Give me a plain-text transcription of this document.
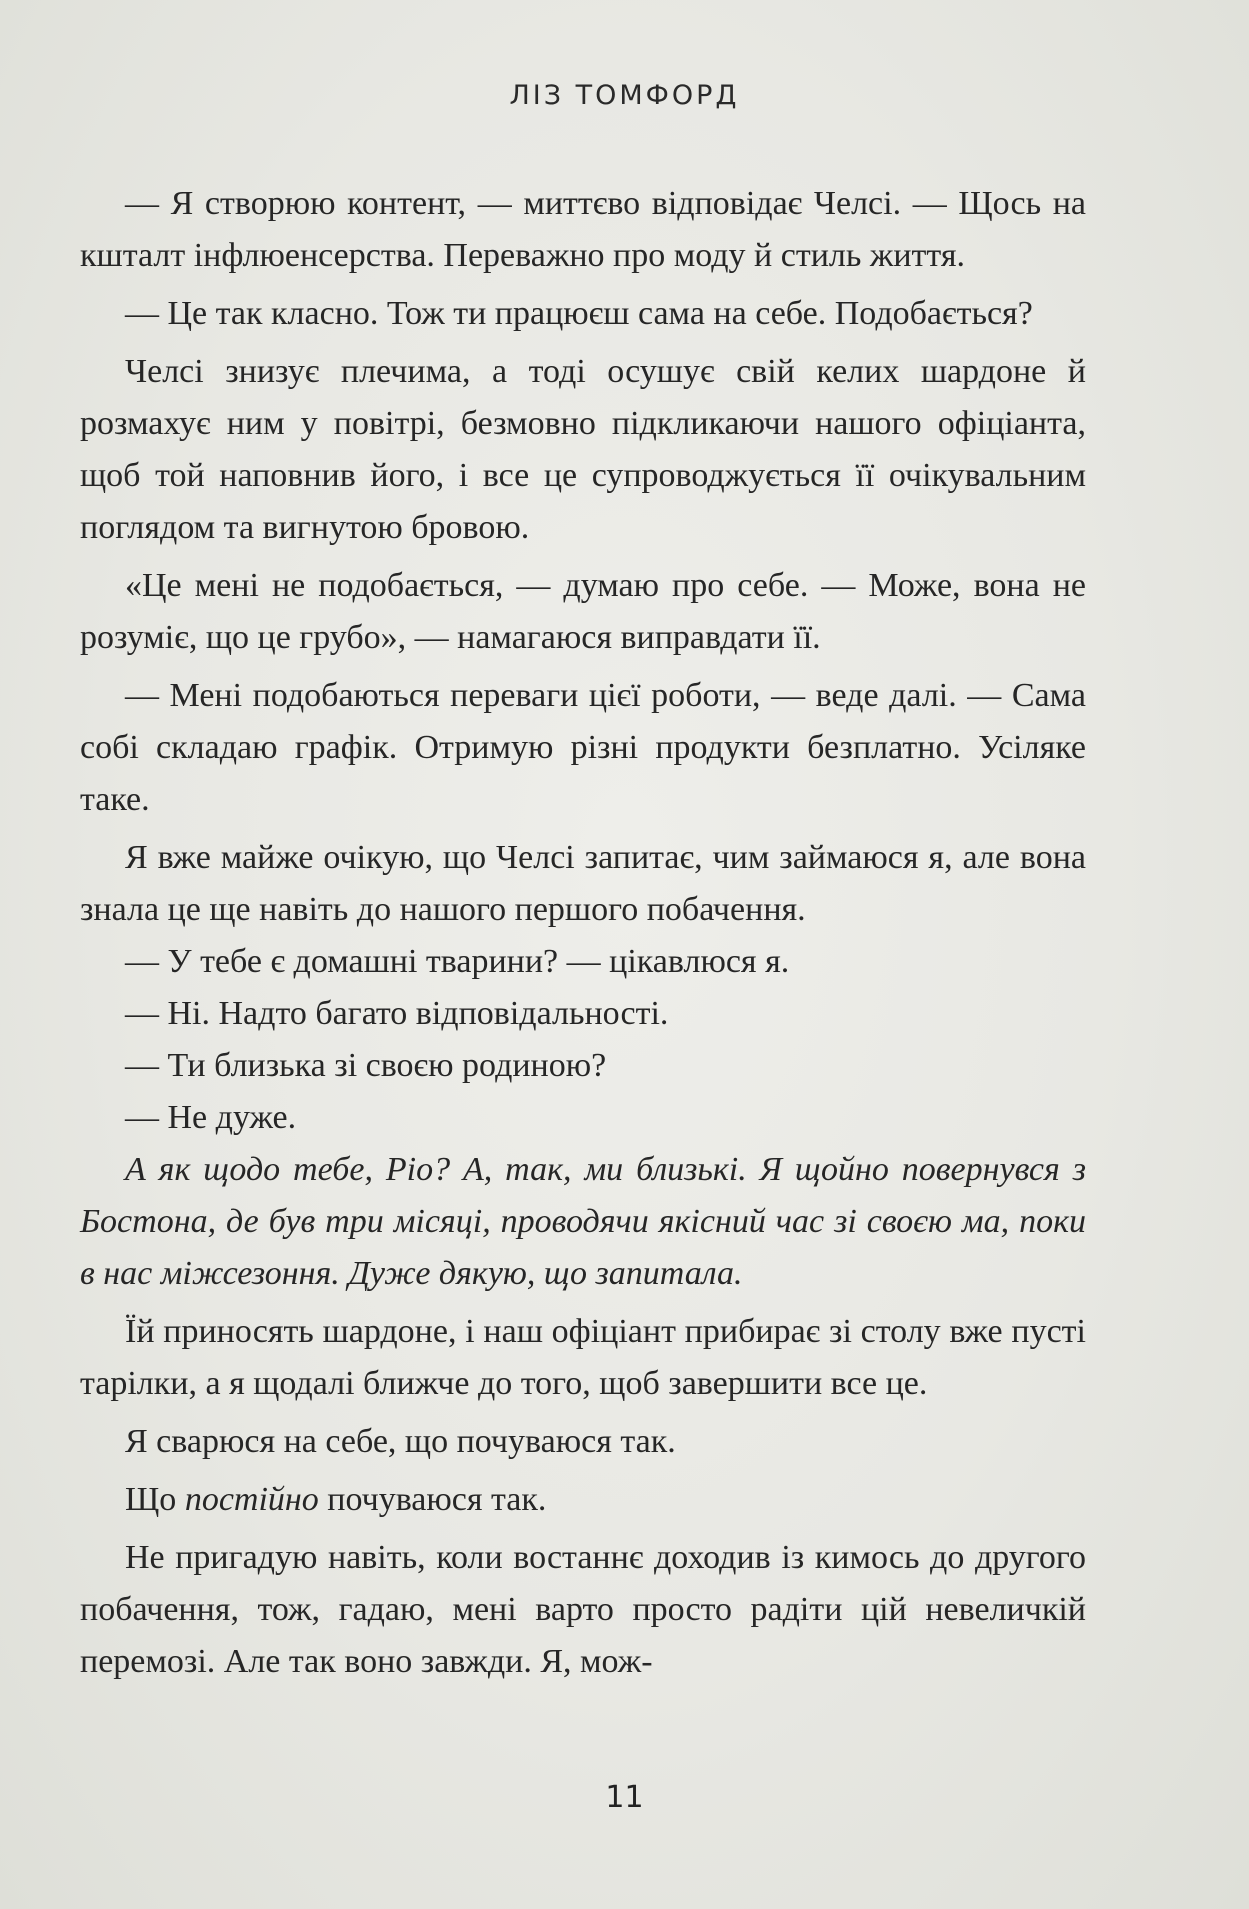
ЛІЗ ТОМФОРД

— Я створюю контент, — миттєво відповідає Челсі. — Щось на кшталт інфлюенсерства. Переважно про моду й стиль життя.

— Це так класно. Тож ти працюєш сама на себе. Подобається?

Челсі знизує плечима, а тоді осушує свій келих шардоне й розмахує ним у повітрі, безмовно підкликаючи нашого офіціанта, щоб той наповнив його, і все це супроводжується її очікувальним поглядом та вигнутою бровою.

«Це мені не подобається, — думаю про себе. — Може, вона не розуміє, що це грубо», — намагаюся виправдати її.

— Мені подобаються переваги цієї роботи, — веде далі. — Сама собі складаю графік. Отримую різні продукти безплатно. Усіляке таке.

Я вже майже очікую, що Челсі запитає, чим займаюся я, але вона знала це ще навіть до нашого першого побачення.

— У тебе є домашні тварини? — цікавлюся я.

— Ні. Надто багато відповідальності.

— Ти близька зі своєю родиною?

— Не дуже.

А як щодо тебе, Ріо? А, так, ми близькі. Я щойно повернувся з Бостона, де був три місяці, проводячи якісний час зі своєю ма, поки в нас міжсезоння. Дуже дякую, що запитала.

Їй приносять шардоне, і наш офіціант прибирає зі столу вже пусті тарілки, а я щодалі ближче до того, щоб завершити все це.

Я сварюся на себе, що почуваюся так.

Що постійно почуваюся так.

Не пригадую навіть, коли востаннє доходив із кимось до другого побачення, тож, гадаю, мені варто просто радіти цій невеличкій перемозі. Але так воно завжди. Я, мож-

11
